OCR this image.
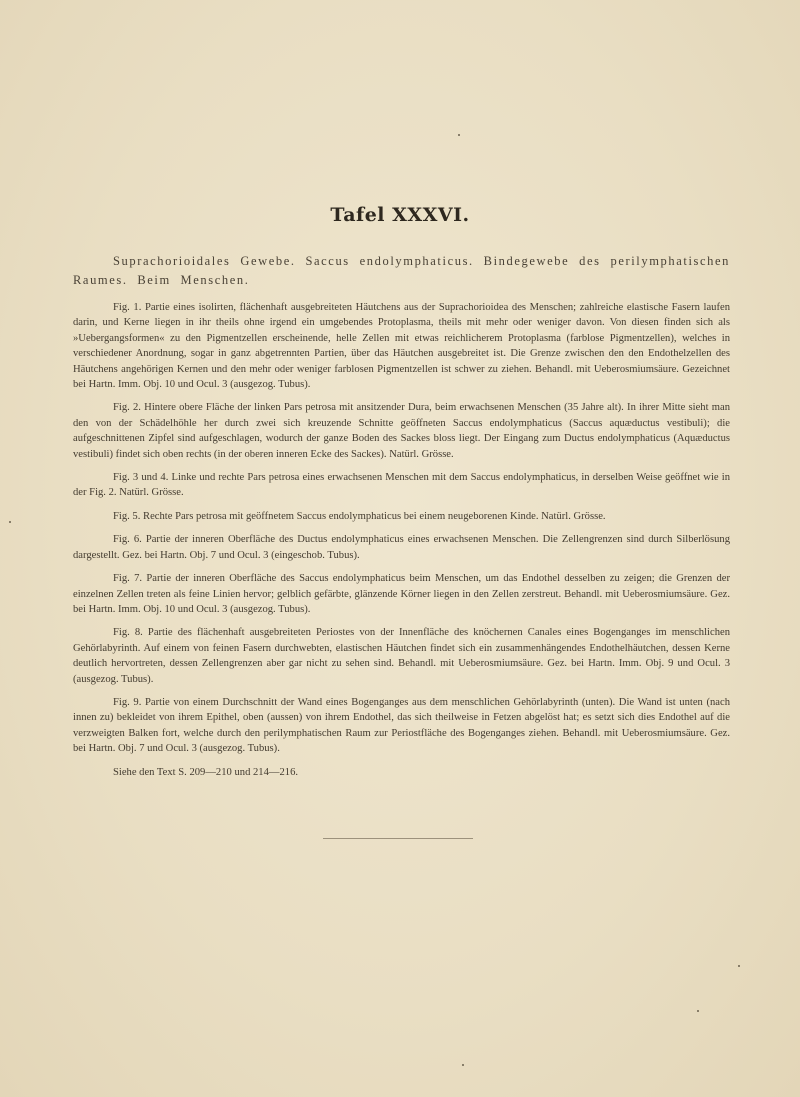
Tafel XXXVI.
Suprachorioidales Gewebe. Saccus endolymphaticus. Bindegewebe des perilymphatischen Raumes. Beim Menschen.

Fig. 1. Partie eines isolirten, flächenhaft ausgebreiteten Häutchens aus der Suprachorioidea des Menschen; zahlreiche elastische Fasern laufen darin, und Kerne liegen in ihr theils ohne irgend ein umgebendes Protoplasma, theils mit mehr oder weniger davon. Von diesen finden sich als »Uebergangsformen« zu den Pigmentzellen erscheinende, helle Zellen mit etwas reichlicherem Protoplasma (farblose Pigmentzellen), welches in verschiedener Anordnung, sogar in ganz abgetrennten Partien, über das Häutchen ausgebreitet ist. Die Grenze zwischen den den Endothelzellen des Häutchens angehörigen Kernen und den mehr oder weniger farblosen Pigmentzellen ist schwer zu ziehen. Behandl. mit Ueberosmiumsäure. Gezeichnet bei Hartn. Imm. Obj. 10 und Ocul. 3 (ausgezog. Tubus).

Fig. 2. Hintere obere Fläche der linken Pars petrosa mit ansitzender Dura, beim erwachsenen Menschen (35 Jahre alt). In ihrer Mitte sieht man den von der Schädelhöhle her durch zwei sich kreuzende Schnitte geöffneten Saccus endolymphaticus (Saccus aquæductus vestibuli); die aufgeschnittenen Zipfel sind aufgeschlagen, wodurch der ganze Boden des Sackes bloss liegt. Der Eingang zum Ductus endolymphaticus (Aquæductus vestibuli) findet sich oben rechts (in der oberen inneren Ecke des Sackes). Natürl. Grösse.

Fig. 3 und 4. Linke und rechte Pars petrosa eines erwachsenen Menschen mit dem Saccus endolymphaticus, in derselben Weise geöffnet wie in der Fig. 2. Natürl. Grösse.

Fig. 5. Rechte Pars petrosa mit geöffnetem Saccus endolymphaticus bei einem neugeborenen Kinde. Natürl. Grösse.

Fig. 6. Partie der inneren Oberfläche des Ductus endolymphaticus eines erwachsenen Menschen. Die Zellengrenzen sind durch Silberlösung dargestellt. Gez. bei Hartn. Obj. 7 und Ocul. 3 (eingeschob. Tubus).

Fig. 7. Partie der inneren Oberfläche des Saccus endolymphaticus beim Menschen, um das Endothel desselben zu zeigen; die Grenzen der einzelnen Zellen treten als feine Linien hervor; gelblich gefärbte, glänzende Körner liegen in den Zellen zerstreut. Behandl. mit Ueberosmiumsäure. Gez. bei Hartn. Imm. Obj. 10 und Ocul. 3 (ausgezog. Tubus).

Fig. 8. Partie des flächenhaft ausgebreiteten Periostes von der Innenfläche des knöchernen Canales eines Bogenganges im menschlichen Gehörlabyrinth. Auf einem von feinen Fasern durchwebten, elastischen Häutchen findet sich ein zusammenhängendes Endothelhäutchen, dessen Kerne deutlich hervortreten, dessen Zellengrenzen aber gar nicht zu sehen sind. Behandl. mit Ueberosmiumsäure. Gez. bei Hartn. Imm. Obj. 9 und Ocul. 3 (ausgezog. Tubus).

Fig. 9. Partie von einem Durchschnitt der Wand eines Bogenganges aus dem menschlichen Gehörlabyrinth (unten). Die Wand ist unten (nach innen zu) bekleidet von ihrem Epithel, oben (aussen) von ihrem Endothel, das sich theilweise in Fetzen abgelöst hat; es setzt sich dies Endothel auf die verzweigten Balken fort, welche durch den perilymphatischen Raum zur Periostfläche des Bogenganges ziehen. Behandl. mit Ueberosmiumsäure. Gez. bei Hartn. Obj. 7 und Ocul. 3 (ausgezog. Tubus).

Siehe den Text S. 209—210 und 214—216.
